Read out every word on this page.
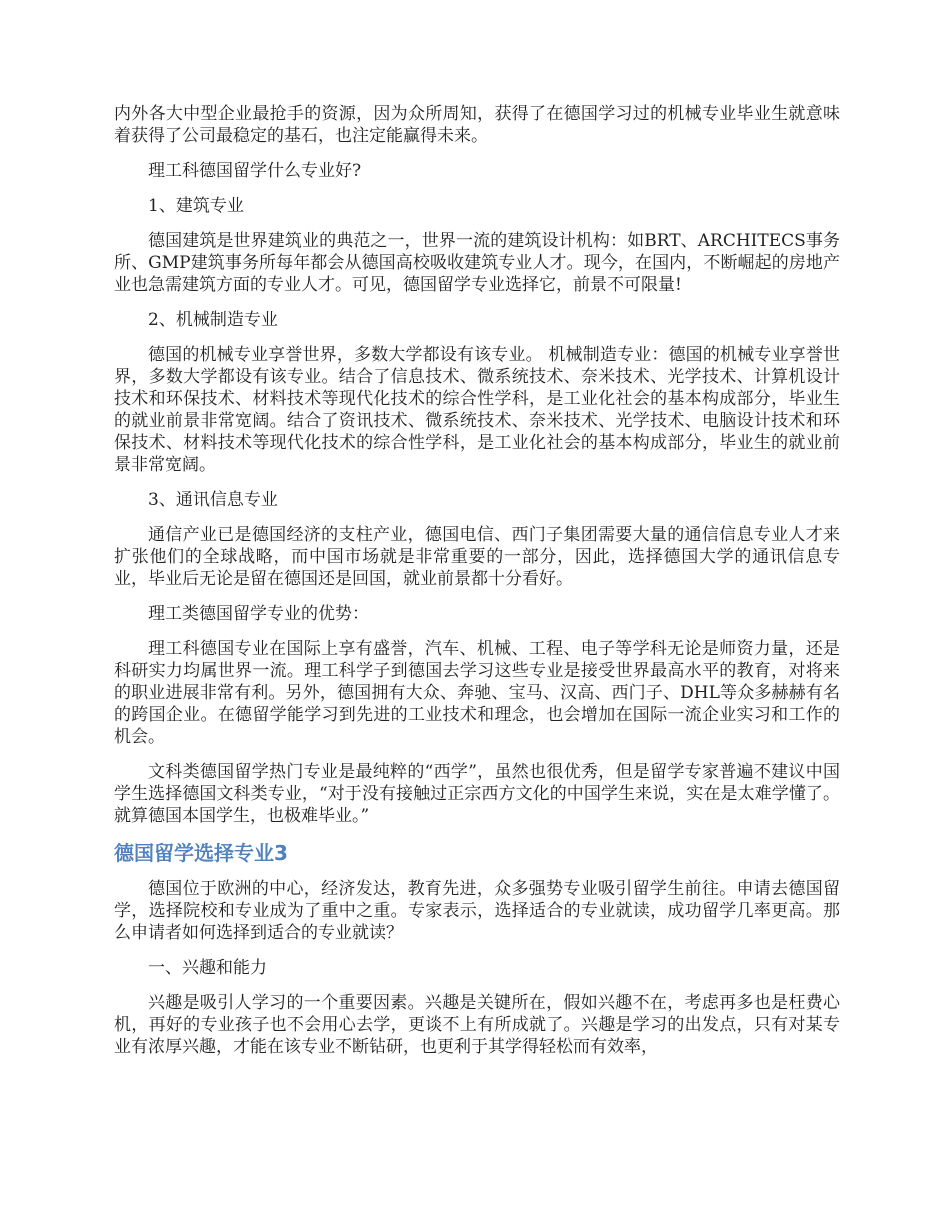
内外各大中型企业最抢手的资源，因为众所周知，获得了在德国学习过的机械专业毕业生就意味着获得了公司最稳定的基石，也注定能赢得未来。

理工科德国留学什么专业好?

1、建筑专业

德国建筑是世界建筑业的典范之一，世界一流的建筑设计机构：如BRT、ARCHITECS事务所、GMP建筑事务所每年都会从德国高校吸收建筑专业人才。现今，在国内，不断崛起的房地产业也急需建筑方面的专业人才。可见，德国留学专业选择它，前景不可限量!

2、机械制造专业

德国的机械专业享誉世界，多数大学都设有该专业。 机械制造专业：德国的机械专业享誉世界，多数大学都设有该专业。结合了信息技术、微系统技术、奈米技术、光学技术、计算机设计技术和环保技术、材料技术等现代化技术的综合性学科，是工业化社会的基本构成部分，毕业生的就业前景非常宽阔。结合了资讯技术、微系统技术、奈米技术、光学技术、电脑设计技术和环保技术、材料技术等现代化技术的综合性学科，是工业化社会的基本构成部分，毕业生的就业前景非常宽阔。

3、通讯信息专业

通信产业已是德国经济的支柱产业，德国电信、西门子集团需要大量的通信信息专业人才来扩张他们的全球战略，而中国市场就是非常重要的一部分，因此，选择德国大学的通讯信息专业，毕业后无论是留在德国还是回国，就业前景都十分看好。

理工类德国留学专业的优势：

理工科德国专业在国际上享有盛誉，汽车、机械、工程、电子等学科无论是师资力量，还是科研实力均属世界一流。理工科学子到德国去学习这些专业是接受世界最高水平的教育，对将来的职业进展非常有利。另外，德国拥有大众、奔驰、宝马、汉高、西门子、DHL等众多赫赫有名的跨国企业。在德留学能学习到先进的工业技术和理念，也会增加在国际一流企业实习和工作的机会。

文科类德国留学热门专业是最纯粹的“西学”，虽然也很优秀，但是留学专家普遍不建议中国学生选择德国文科类专业，“对于没有接触过正宗西方文化的中国学生来说，实在是太难学懂了。就算德国本国学生，也极难毕业。”

德国留学选择专业3

德国位于欧洲的中心，经济发达，教育先进，众多强势专业吸引留学生前往。申请去德国留学，选择院校和专业成为了重中之重。专家表示，选择适合的专业就读，成功留学几率更高。那么申请者如何选择到适合的专业就读？

一、兴趣和能力

兴趣是吸引人学习的一个重要因素。兴趣是关键所在，假如兴趣不在，考虑再多也是枉费心机，再好的专业孩子也不会用心去学，更谈不上有所成就了。兴趣是学习的出发点，只有对某专业有浓厚兴趣，才能在该专业不断钻研，也更利于其学得轻松而有效率，
